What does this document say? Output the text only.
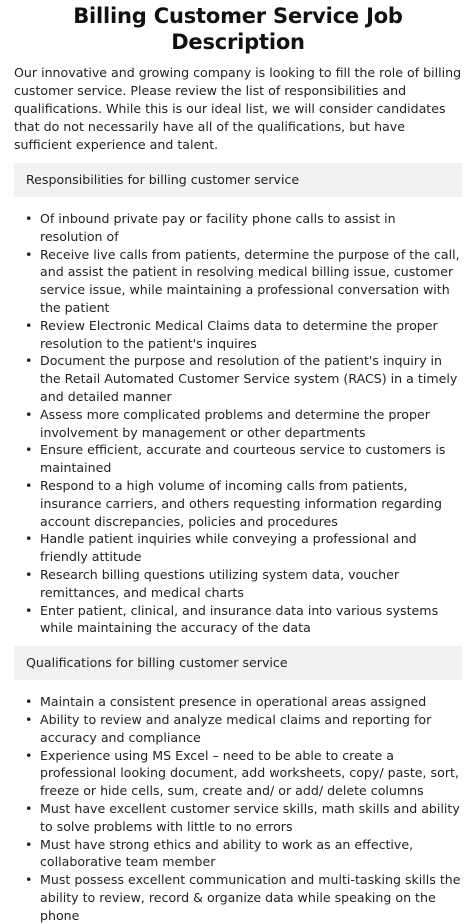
Billing Customer Service Job Description

Our innovative and growing company is looking to fill the role of billing customer service. Please review the list of responsibilities and qualifications. While this is our ideal list, we will consider candidates that do not necessarily have all of the qualifications, but have sufficient experience and talent.

Responsibilities for billing customer service
• Of inbound private pay or facility phone calls to assist in resolution of
• Receive live calls from patients, determine the purpose of the call, and assist the patient in resolving medical billing issue, customer service issue, while maintaining a professional conversation with the patient
• Review Electronic Medical Claims data to determine the proper resolution to the patient's inquires
• Document the purpose and resolution of the patient's inquiry in the Retail Automated Customer Service system (RACS) in a timely and detailed manner
• Assess more complicated problems and determine the proper involvement by management or other departments
• Ensure efficient, accurate and courteous service to customers is maintained
• Respond to a high volume of incoming calls from patients, insurance carriers, and others requesting information regarding account discrepancies, policies and procedures
• Handle patient inquiries while conveying a professional and friendly attitude
• Research billing questions utilizing system data, voucher remittances, and medical charts
• Enter patient, clinical, and insurance data into various systems while maintaining the accuracy of the data
Qualifications for billing customer service
• Maintain a consistent presence in operational areas assigned
• Ability to review and analyze medical claims and reporting for accuracy and compliance
• Experience using MS Excel – need to be able to create a professional looking document, add worksheets, copy/ paste, sort, freeze or hide cells, sum, create and/ or add/ delete columns
• Must have excellent customer service skills, math skills and ability to solve problems with little to no errors
• Must have strong ethics and ability to work as an effective, collaborative team member
• Must possess excellent communication and multi-tasking skills the ability to review, record & organize data while speaking on the phone
